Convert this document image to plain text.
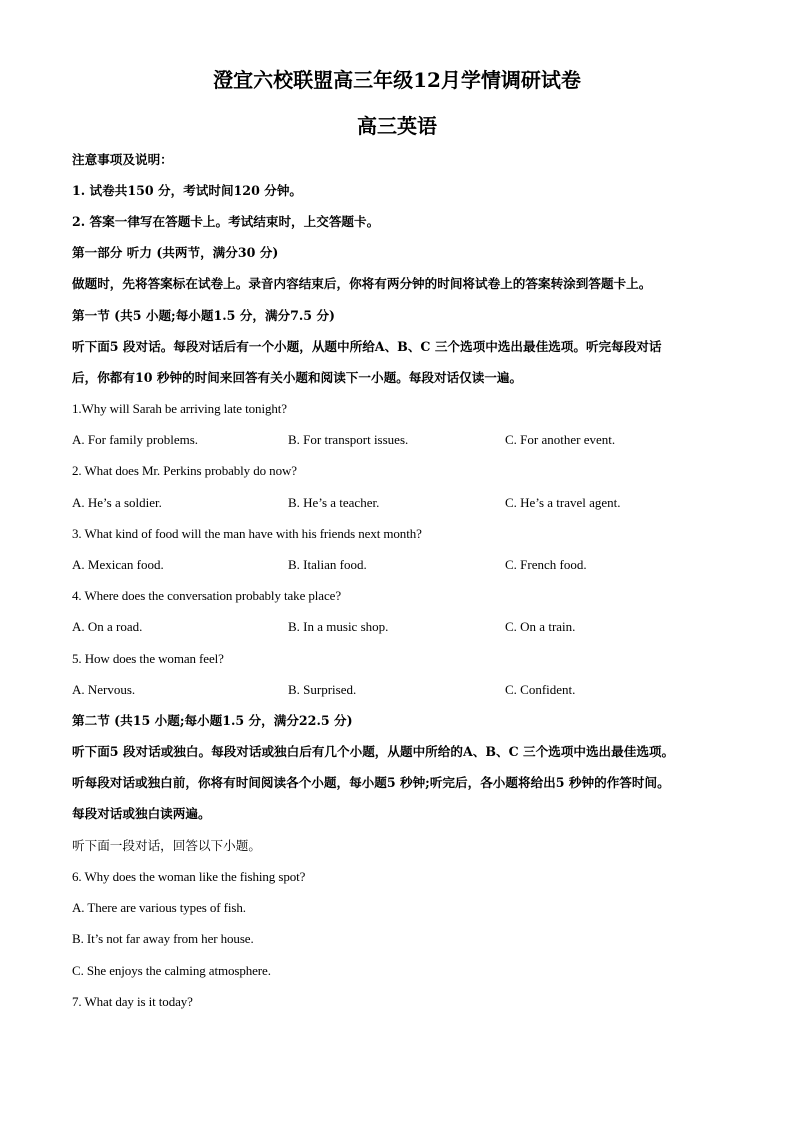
澄宜六校联盟高三年级12月学情调研试卷
高三英语

注意事项及说明：

1. 试卷共150 分，考试时间120 分钟。

2. 答案一律写在答题卡上。考试结束时，上交答题卡。

第一部分 听力 (共两节，满分30 分)

做题时，先将答案标在试卷上。录音内容结束后，你将有两分钟的时间将试卷上的答案转涂到答题卡上。

第一节 (共5 小题;每小题1.5 分，满分7.5 分)

听下面5 段对话。每段对话后有一个小题，从题中所给A、B、C 三个选项中选出最佳选项。听完每段对话

后，你都有10 秒钟的时间来回答有关小题和阅读下一小题。每段对话仅读一遍。

1.Why will Sarah be arriving late tonight?

A. For family problems.	B. For transport issues.	C. For another event.

2. What does Mr. Perkins probably do now?

A. He’s a soldier.	B. He’s a teacher.	C. He’s a travel agent.

3. What kind of food will the man have with his friends next month?

A. Mexican food.	B. Italian food.	C. French food.

4. Where does the conversation probably take place?

A. On a road.	B. In a music shop.	C. On a train.

5. How does the woman feel?

A. Nervous.	B. Surprised.	C. Confident.

第二节 (共15 小题;每小题1.5 分，满分22.5 分)

听下面5 段对话或独白。每段对话或独白后有几个小题，从题中所给的A、B、C 三个选项中选出最佳选项。

听每段对话或独白前，你将有时间阅读各个小题，每小题5 秒钟;听完后，各小题将给出5 秒钟的作答时间。

每段对话或独白读两遍。

听下面一段对话，回答以下小题。

6. Why does the woman like the fishing spot?

A. There are various types of fish.

B. It’s not far away from her house.

C. She enjoys the calming atmosphere.

7. What day is it today?
